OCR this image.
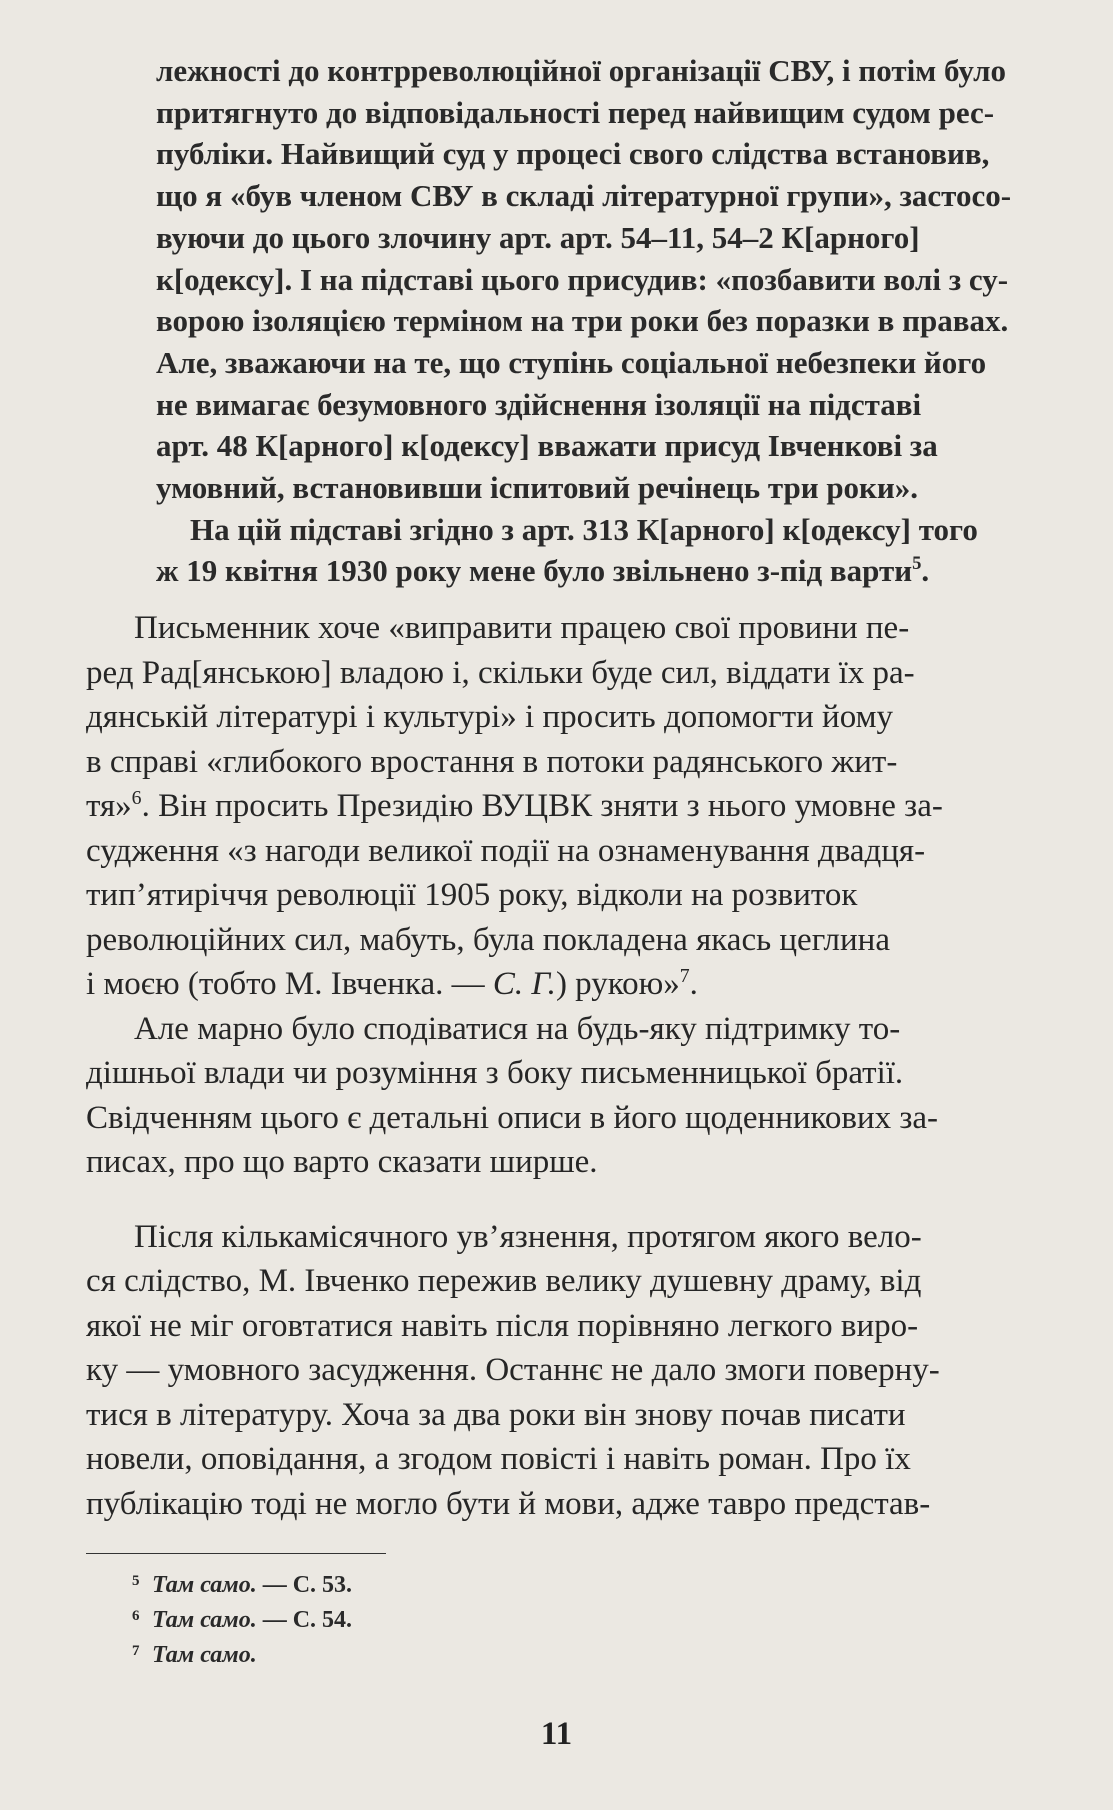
лежності до контрреволюційної організації СВУ, і потім було
притягнуто до відповідальності перед найвищим судом рес-
публіки. Найвищий суд у процесі свого слідства встановив,
що я «був членом СВУ в складі літературної групи», застосо-
вуючи до цього злочину арт. арт. 54–11, 54–2 К[арного]
к[одексу]. І на підставі цього присудив: «позбавити волі з су-
ворою ізоляцією терміном на три роки без поразки в правах.
Але, зважаючи на те, що ступінь соціальної небезпеки його
не вимагає безумовного здійснення ізоляції на підставі
арт. 48 К[арного] к[одексу] вважати присуд Івченкові за
умовний, встановивши іспитовий речінець три роки».

На цій підставі згідно з арт. 313 К[арного] к[одексу] того
ж 19 квітня 1930 року мене було звільнено з-під варти$^5$.

Письменник хоче «виправити працею свої провини пе-
ред Рад[янською] владою і, скільки буде сил, віддати їх ра-
дянській літературі і культурі» і просить допомогти йому
в справі «глибокого вростання в потоки радянського жит-
тя»$^6$. Він просить Президію ВУЦВК зняти з нього умовне за-
судження «з нагоди великої події на ознаменування двадця-
тип’ятиріччя революції 1905 року, відколи на розвиток
революційних сил, мабуть, була покладена якась цеглина
і моєю (тобто М. Івченка. — С. Г.) рукою»$^7$.

Але марно було сподіватися на будь-яку підтримку то-
дішньої влади чи розуміння з боку письменницької братії.
Свідченням цього є детальні описи в його щоденникових за-
писах, про що варто сказати ширше.

Після кількамісячного ув’язнення, протягом якого вело-
ся слідство, М. Івченко пережив велику душевну драму, від
якої не міг оговтатися навіть після порівняно легкого виро-
ку — умовного засудження. Останнє не дало змоги поверну-
тися в літературу. Хоча за два роки він знову почав писати
новели, оповідання, а згодом повісті і навіть роман. Про їх
публікацію тоді не могло бути й мови, адже тавро представ-

5 Там само. — С. 53.
6 Там само. — С. 54.
7 Там само.
11
